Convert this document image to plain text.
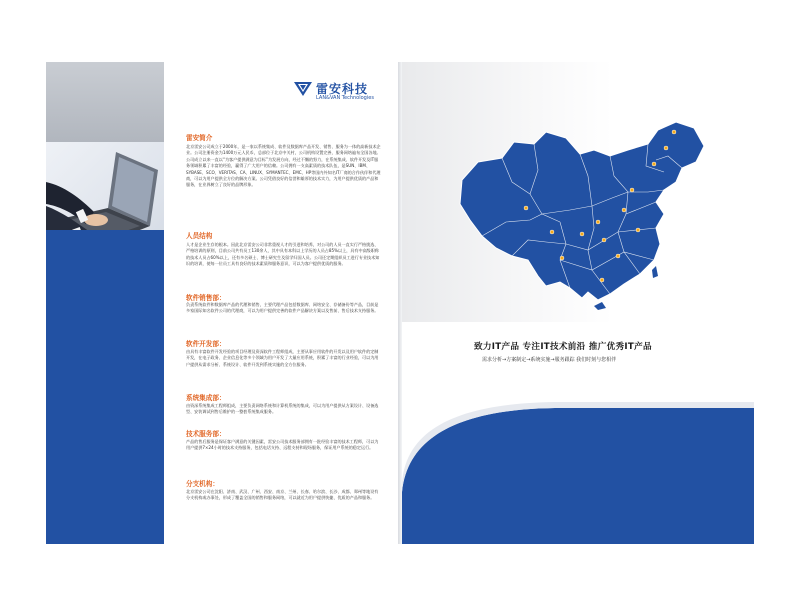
雷安科技
LAN&VAN Technologies
雷安简介
北京雷安公司成立于2000年，是一家以系统集成、软件及数据库产品开发、销售、服务为一体的高新技术企业。公司注册资金为1400万元人民币，总部位于北京中关村，公司机构设置完善，服务网络遍布全国各地。公司成立以来一直以“为客户提供满意为目标”为发展方向，经过不懈的努力，在系统集成、软件开发及IT服务领域积累了丰富的经验，赢得了广大用户的信赖。公司拥有一支高素质的技术队伍，是SUN、IBM、SYBASE、SCO、VERITAS、CA、LINUX、SYMANTEC、EMC、HP等国内外知名IT厂商的合作伙伴和代理商，可以为用户提供全方位的解决方案。公司凭借良好的信誉和雄厚的技术实力，为用户提供优质的产品和服务，在业界树立了良好的品牌形象。
人员结构
人才是企业生存的根本。因此北京雷安公司非常重视人才的引进和培养，对公司的人员一直实行严格挑选、严格培训的原则，目前公司共有员工130余人，其中具有本科以上学历的人员占85%以上，具有中高级职称的技术人员占60%以上，还有多名硕士、博士研究生及留学归国人员。公司还定期组织员工进行专业技术知识的培训，使每一位员工具有良好的技术素质和服务意识，可以为客户提供优质的服务。
软件销售部：
负责系统软件和数据库产品的代理和销售，主要代理产品包括数据库、网络安全、存储备份等产品，目前是多家国际知名软件公司的代理商，可以为用户提供完善的软件产品解决方案以及售前、售后技术支持服务。
软件开发部：
由具有丰富软件开发经验的项目经理及资深软件工程师组成，主要从事应用软件的开发以及用户软件的定制开发，在电子政务、企业信息化等多个领域为用户开发了大量应用系统，积累了丰富的行业经验，可以为用户提供从需求分析、系统设计、软件开发到系统实施的全方位服务。
系统集成部：
由资深系统集成工程师组成，主要负责网络系统和计算机系统的集成，可以为用户提供从方案设计、设备选型、安装调试到售后维护的一整套系统集成服务。
技术服务部：
产品的售后服务是保证客户满意的关键因素，雷安公司技术服务部拥有一批经验丰富的技术工程师，可以为用户提供7×24小时的技术支持服务，包括电话支持、远程支持和现场服务，保证用户系统的稳定运行。
分支机构：
北京雷安公司在沈阳、济南、武汉、广州、西安、南京、兰州、长春、哈尔滨、长沙、成都、郑州等地设有分支机构或办事处，形成了覆盖全国的销售和服务网络，可以就近为用户提供快捷、优质的产品和服务。
致力IT产品 专注IT技术前沿 推广优秀IT产品
需求分析→方案制定→系统实施→服务跟踪 我们时刻与您相伴
